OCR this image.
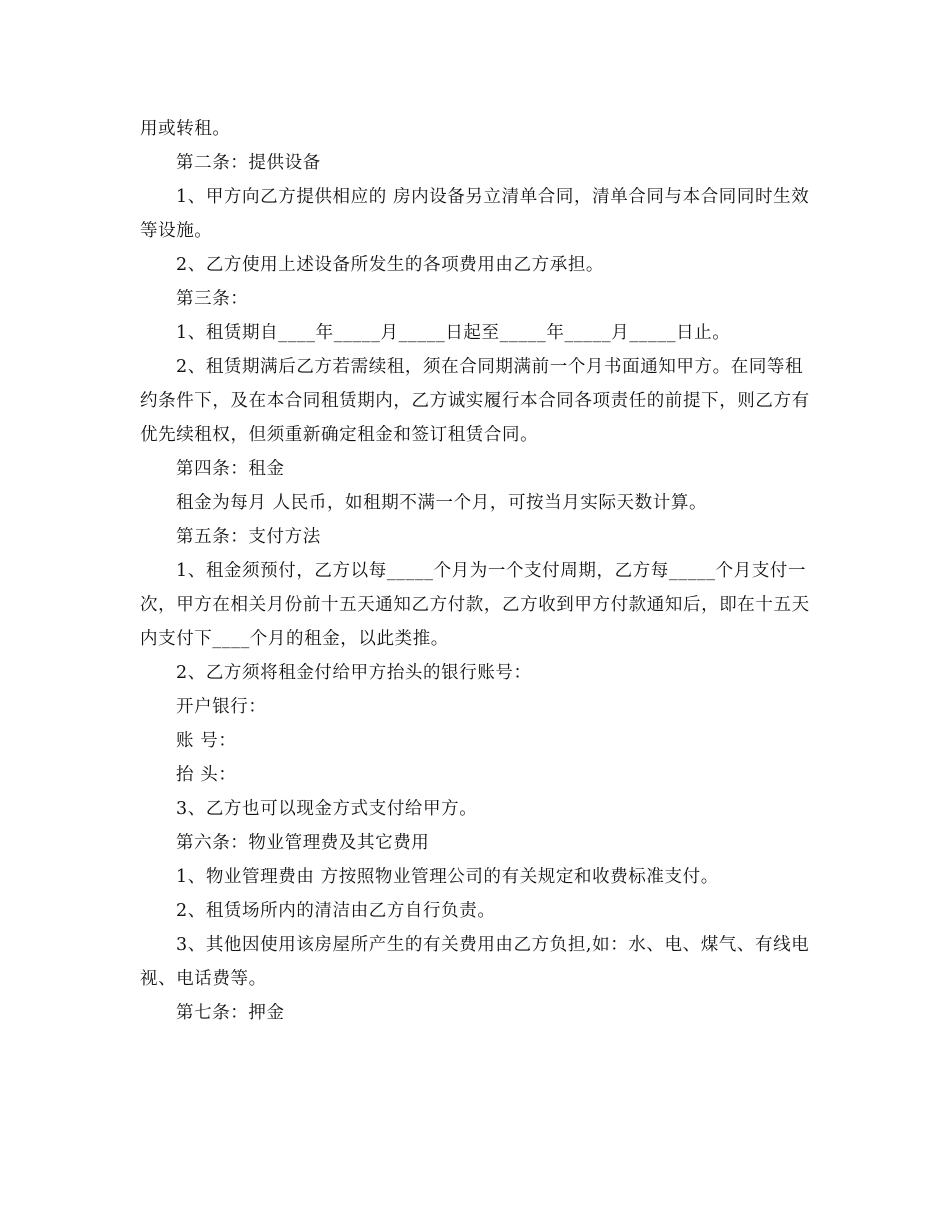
用或转租。

第二条：提供设备

1、甲方向乙方提供相应的 房内设备另立清单合同，清单合同与本合同同时生效等设施。

2、乙方使用上述设备所发生的各项费用由乙方承担。

第三条：

1、租赁期自____年_____月_____日起至_____年_____月_____日止。

2、租赁期满后乙方若需续租，须在合同期满前一个月书面通知甲方。在同等租约条件下，及在本合同租赁期内，乙方诚实履行本合同各项责任的前提下，则乙方有优先续租权，但须重新确定租金和签订租赁合同。

第四条：租金

租金为每月 人民币，如租期不满一个月，可按当月实际天数计算。

第五条：支付方法

1、租金须预付，乙方以每_____个月为一个支付周期，乙方每_____个月支付一次，甲方在相关月份前十五天通知乙方付款，乙方收到甲方付款通知后，即在十五天内支付下____个月的租金，以此类推。

2、乙方须将租金付给甲方抬头的银行账号：

开户银行：

账 号：

抬 头：

3、乙方也可以现金方式支付给甲方。

第六条：物业管理费及其它费用

1、物业管理费由 方按照物业管理公司的有关规定和收费标准支付。

2、租赁场所内的清洁由乙方自行负责。

3、其他因使用该房屋所产生的有关费用由乙方负担,如：水、电、煤气、有线电视、电话费等。

第七条：押金
